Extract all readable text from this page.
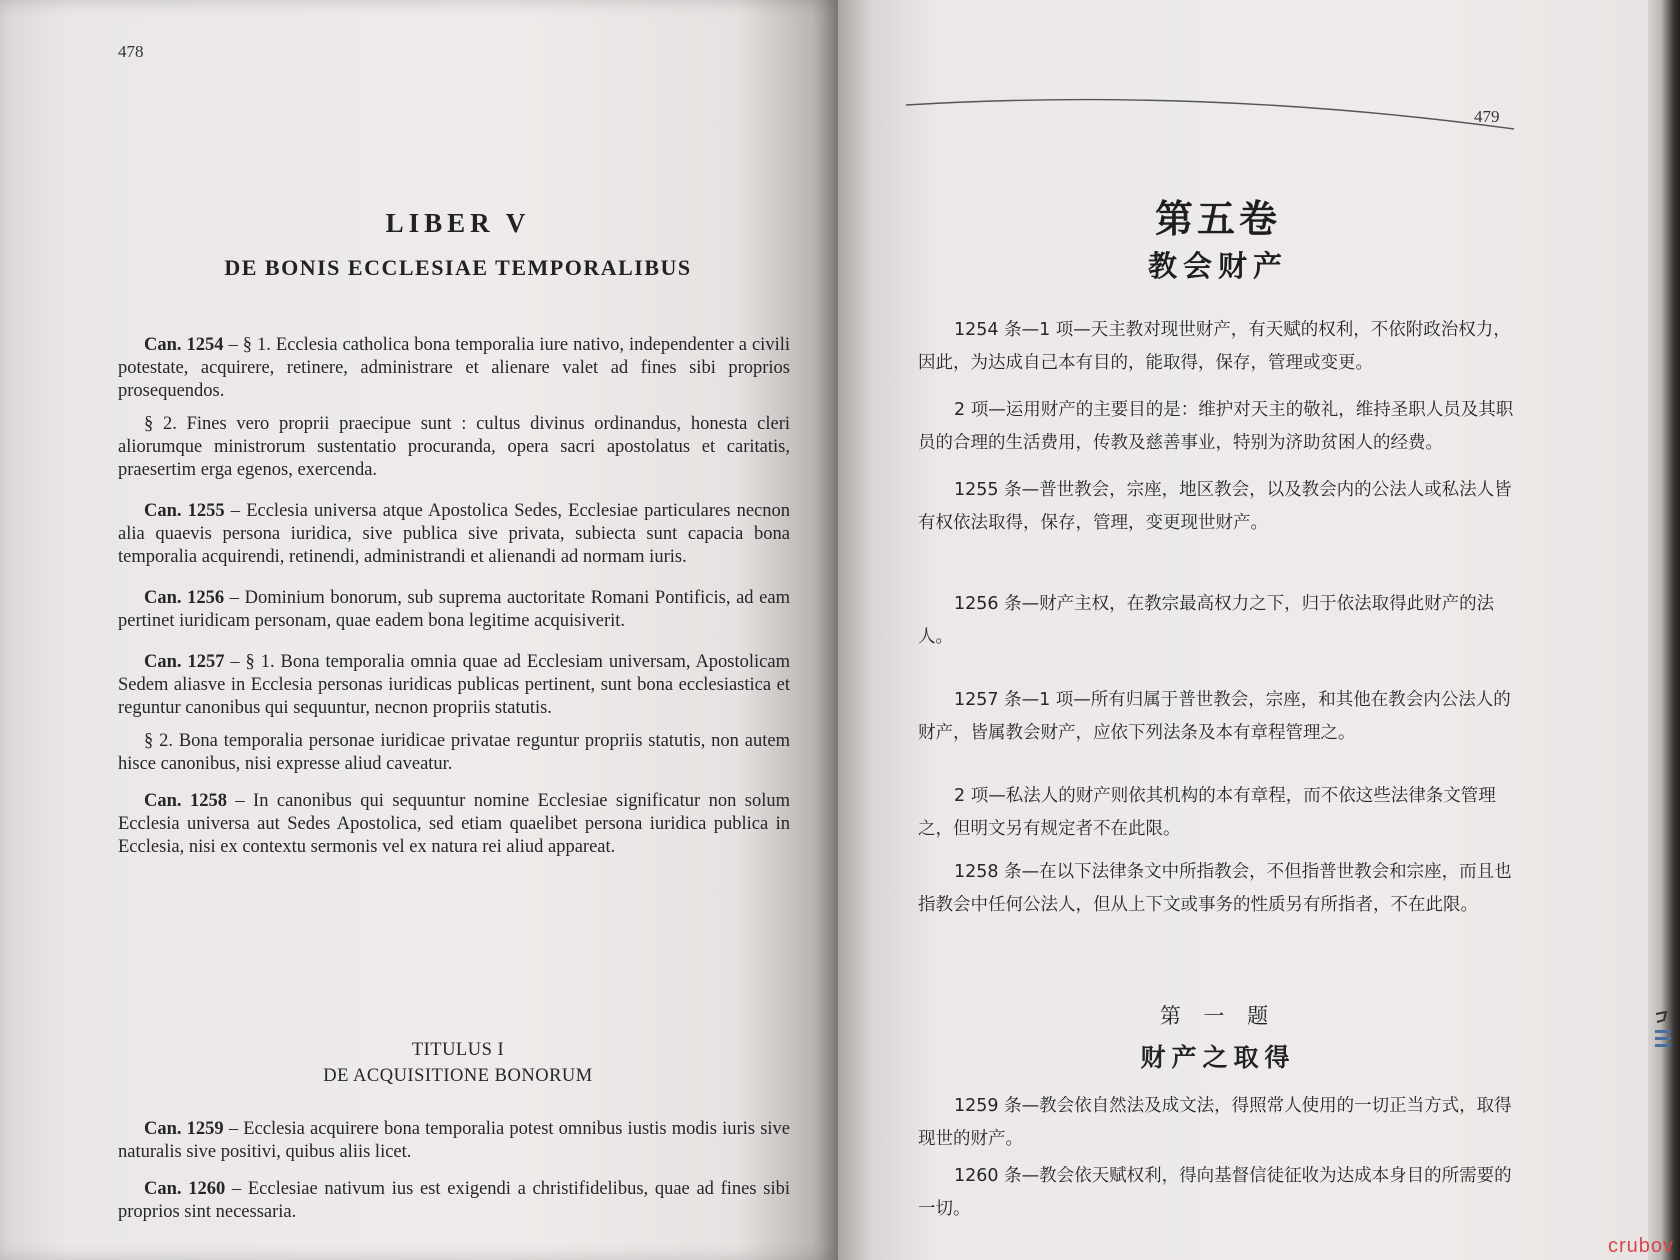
478
LIBER V
DE BONIS ECCLESIAE TEMPORALIBUS

Can. 1254 – § 1. Ecclesia catholica bona temporalia iure nativo, independenter a civili potestate, acquirere, retinere, administrare et alienare valet ad fines sibi proprios prosequendos.

§ 2. Fines vero proprii praecipue sunt : cultus divinus ordinandus, honesta cleri aliorumque ministrorum sustentatio procuranda, opera sacri apostolatus et caritatis, praesertim erga egenos, exercenda.

Can. 1255 – Ecclesia universa atque Apostolica Sedes, Ecclesiae particulares necnon alia quaevis persona iuridica, sive publica sive privata, subiecta sunt capacia bona temporalia acquirendi, retinendi, administrandi et alienandi ad normam iuris.

Can. 1256 – Dominium bonorum, sub suprema auctoritate Romani Pontificis, ad eam pertinet iuridicam personam, quae eadem bona legitime acquisiverit.

Can. 1257 – § 1. Bona temporalia omnia quae ad Ecclesiam universam, Apostolicam Sedem aliasve in Ecclesia personas iuridicas publicas pertinent, sunt bona ecclesiastica et reguntur canonibus qui sequuntur, necnon propriis statutis.

§ 2. Bona temporalia personae iuridicae privatae reguntur propriis statutis, non autem hisce canonibus, nisi expresse aliud caveatur.

Can. 1258 – In canonibus qui sequuntur nomine Ecclesiae significatur non solum Ecclesia universa aut Sedes Apostolica, sed etiam quaelibet persona iuridica publica in Ecclesia, nisi ex contextu sermonis vel ex natura rei aliud appareat.

TITULUS I
DE ACQUISITIONE BONORUM

Can. 1259 – Ecclesia acquirere bona temporalia potest omnibus iustis modis iuris sive naturalis sive positivi, quibus aliis licet.

Can. 1260 – Ecclesiae nativum ius est exigendi a christifidelibus, quae ad fines sibi proprios sint necessaria.

479
第五卷
教会财产

1254 条—1 项—天主教对现世财产，有天赋的权利，不依附政治权力，因此，为达成自己本有目的，能取得，保存，管理或变更。

2 项—运用财产的主要目的是：维护对天主的敬礼，维持圣职人员及其职员的合理的生活费用，传教及慈善事业，特别为济助贫困人的经费。

1255 条—普世教会，宗座，地区教会，以及教会内的公法人或私法人皆有权依法取得，保存，管理，变更现世财产。

1256 条—财产主权，在教宗最高权力之下，归于依法取得此财产的法人。

1257 条—1 项—所有归属于普世教会，宗座，和其他在教会内公法人的财产，皆属教会财产，应依下列法条及本有章程管理之。

2 项—私法人的财产则依其机构的本有章程，而不依这些法律条文管理之，但明文另有规定者不在此限。

1258 条—在以下法律条文中所指教会，不但指普世教会和宗座，而且也指教会中任何公法人，但从上下文或事务的性质另有所指者，不在此限。

第 一 题
财产之取得

1259 条—教会依自然法及成文法，得照常人使用的一切正当方式，取得现世的财产。

1260 条—教会依天赋权利，得向基督信徒征收为达成本身目的所需要的一切。

crubov
